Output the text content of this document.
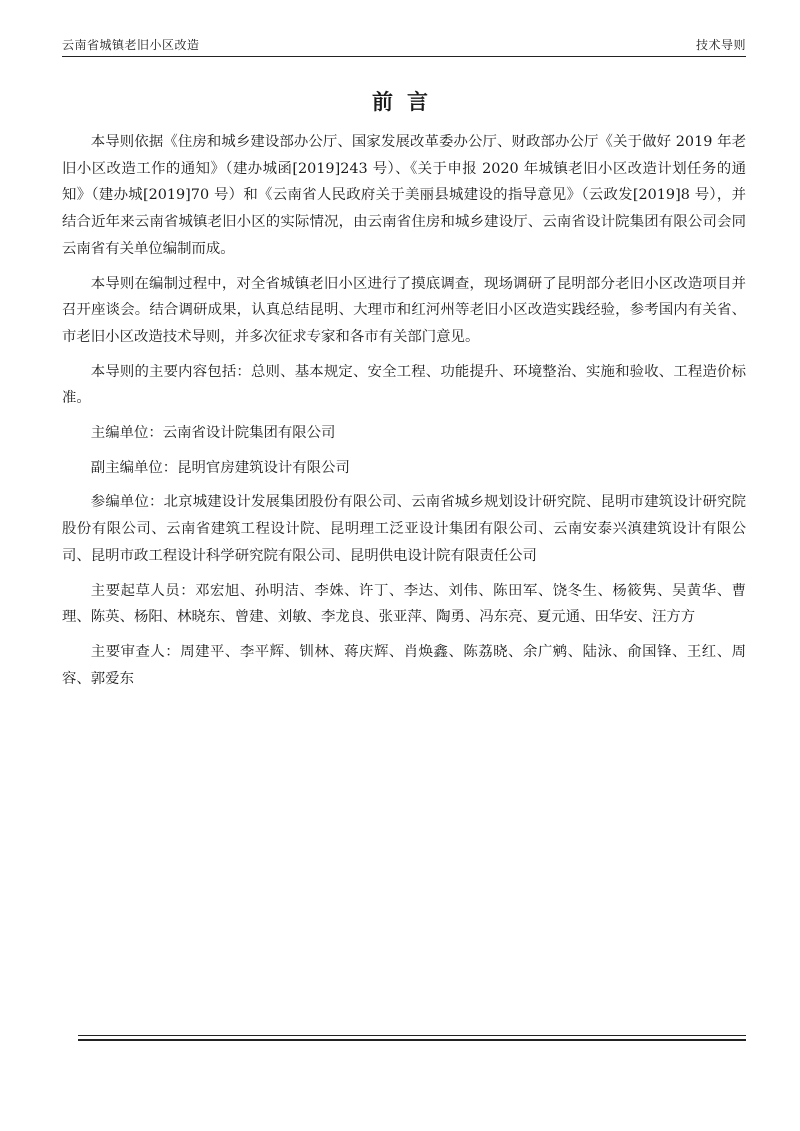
云南省城镇老旧小区改造	技术导则
前言

本导则依据《住房和城乡建设部办公厅、国家发展改革委办公厅、财政部办公厅《关于做好 2019 年老旧小区改造工作的通知》（建办城函[2019]243 号）、《关于申报 2020 年城镇老旧小区改造计划任务的通知》（建办城[2019]70 号）和《云南省人民政府关于美丽县城建设的指导意见》（云政发[2019]8 号），并结合近年来云南省城镇老旧小区的实际情况，由云南省住房和城乡建设厅、云南省设计院集团有限公司会同云南省有关单位编制而成。

本导则在编制过程中，对全省城镇老旧小区进行了摸底调查，现场调研了昆明部分老旧小区改造项目并召开座谈会。结合调研成果，认真总结昆明、大理市和红河州等老旧小区改造实践经验，参考国内有关省、市老旧小区改造技术导则，并多次征求专家和各市有关部门意见。

本导则的主要内容包括：总则、基本规定、安全工程、功能提升、环境整治、实施和验收、工程造价标准。

主编单位：云南省设计院集团有限公司

副主编单位：昆明官房建筑设计有限公司

参编单位：北京城建设计发展集团股份有限公司、云南省城乡规划设计研究院、昆明市建筑设计研究院股份有限公司、云南省建筑工程设计院、昆明理工泛亚设计集团有限公司、云南安泰兴滇建筑设计有限公司、昆明市政工程设计科学研究院有限公司、昆明供电设计院有限责任公司

主要起草人员：邓宏旭、孙明洁、李姝、许丁、李达、刘伟、陈田军、饶冬生、杨筱隽、吴黄华、曹理、陈英、杨阳、林晓东、曾建、刘敏、李龙良、张亚萍、陶勇、冯东亮、夏元通、田华安、汪方方

主要审查人：周建平、李平辉、钏林、蒋庆辉、肖焕鑫、陈荔晓、余广鹓、陆泳、俞国锋、王红、周容、郭爱东
